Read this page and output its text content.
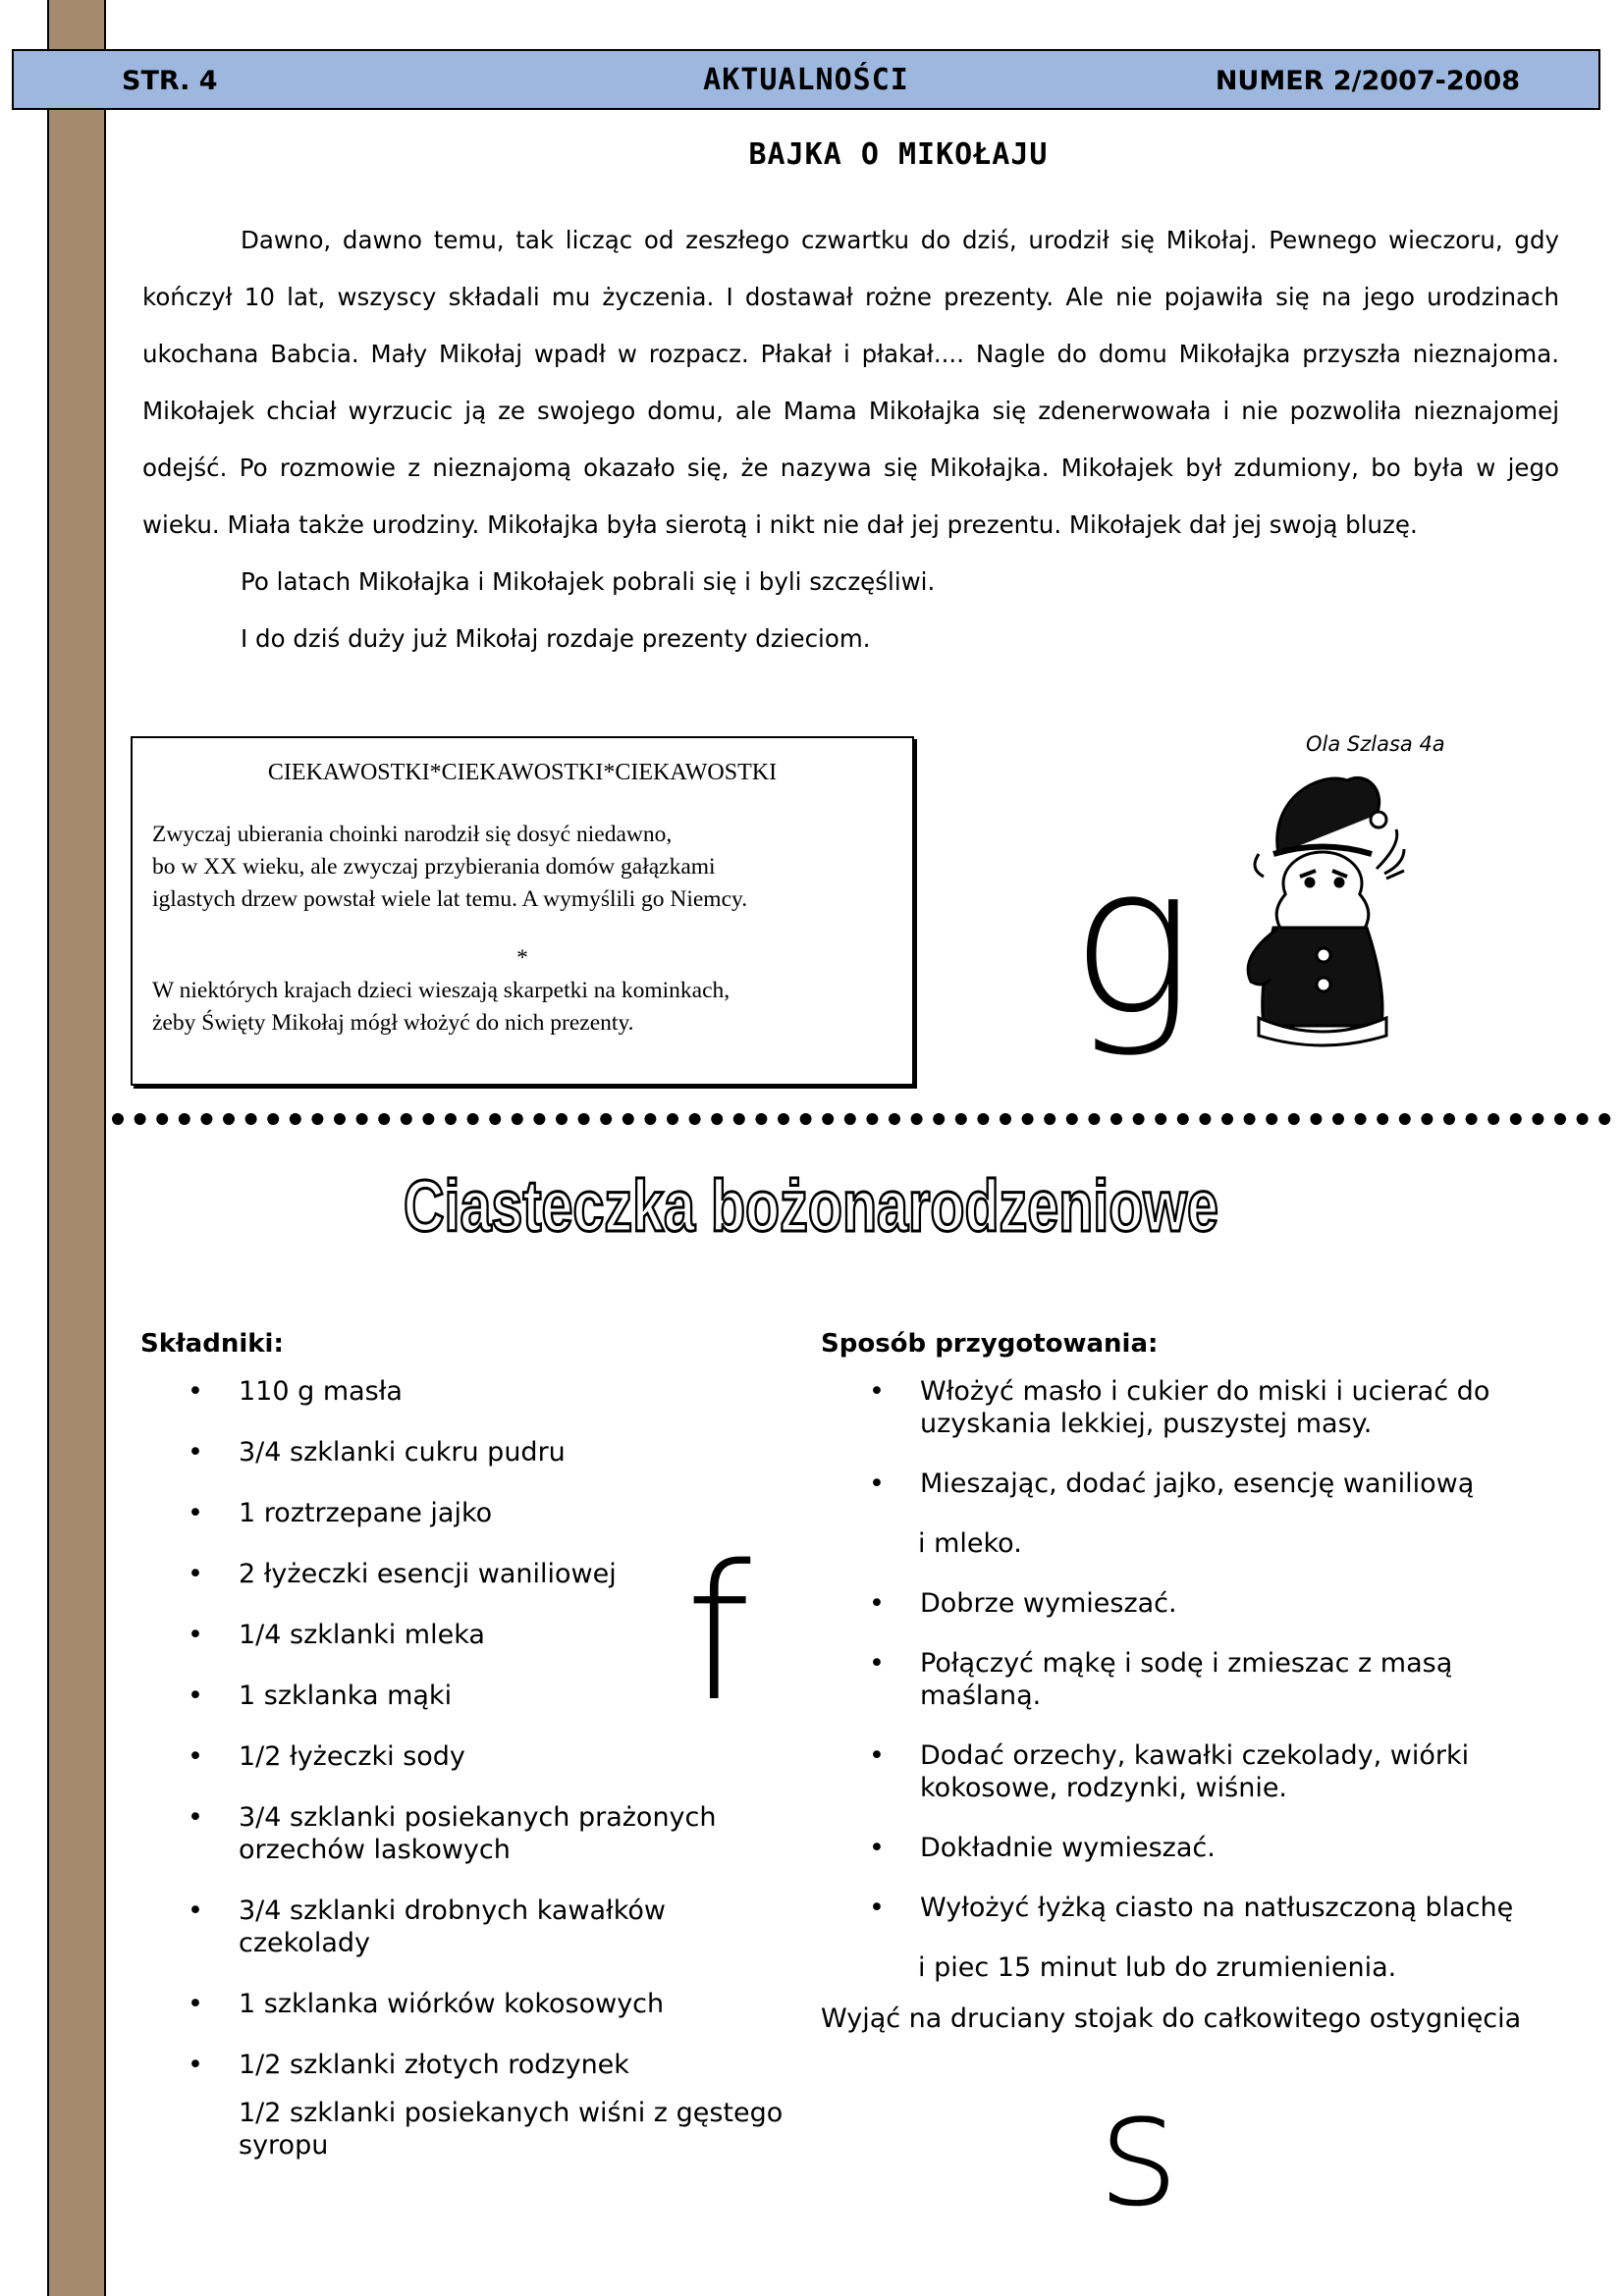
STR. 4	AKTUALNOŚCI	NUMER 2/2007-2008
BAJKA O MIKOŁAJU

Dawno, dawno temu, tak licząc od zeszłego czwartku do dziś, urodził się Mikołaj. Pewnego wieczoru, gdy kończył 10 lat, wszyscy składali mu życzenia. I dostawał rożne prezenty. Ale nie pojawiła się na jego urodzinach ukochana Babcia. Mały Mikołaj wpadł w rozpacz. Płakał i płakał.... Nagle do domu Mikołajka przyszła nieznajoma. Mikołajek chciał wyrzucic ją ze swojego domu, ale Mama Mikołajka się zdenerwowała i nie pozwoliła nieznajomej odejść. Po rozmowie z nieznajomą okazało się, że nazywa się Mikołajka. Mikołajek był zdumiony, bo była w jego wieku. Miała także urodziny. Mikołajka była sierotą i nikt nie dał jej prezentu. Mikołajek dał jej swoją bluzę.

Po latach Mikołajka i Mikołajek pobrali się i byli szczęśliwi.

I do dziś duży już Mikołaj rozdaje prezenty dzieciom.

CIEKAWOSTKI*CIEKAWOSTKI*CIEKAWOSTKI
Zwyczaj ubierania choinki narodził się dosyć niedawno,
bo w XX wieku, ale zwyczaj przybierania domów gałązkami
iglastych drzew powstał wiele lat temu. A wymyślili go Niemcy.
*
W niektórych krajach dzieci wieszają skarpetki na kominkach,
żeby Święty Mikołaj mógł włożyć do nich prezenty.
Ola Szlasa 4a
g
Ciasteczka bożonarodzeniowe
Składniki:	Sposób przygotowania:
• 110 g masła
• 3/4 szklanki cukru pudru
• 1 roztrzepane jajko
• 2 łyżeczki esencji waniliowej
• 1/4 szklanki mleka
• 1 szklanka mąki
• 1/2 łyżeczki sody
• 3/4 szklanki posiekanych prażonych orzechów laskowych
• 3/4 szklanki drobnych kawałków czekolady
• 1 szklanka wiórków kokosowych
• 1/2 szklanki złotych rodzynek
1/2 szklanki posiekanych wiśni z gęstego syropu
f
• Włożyć masło i cukier do miski i ucierać do uzyskania lekkiej, puszystej masy.
• Mieszając, dodać jajko, esencję waniliową
i mleko.
• Dobrze wymieszać.
• Połączyć mąkę i sodę i zmieszac z masą maślaną.
• Dodać orzechy, kawałki czekolady, wiórki kokosowe, rodzynki, wiśnie.
• Dokładnie wymieszać.
• Wyłożyć łyżką ciasto na natłuszczoną blachę
i piec 15 minut lub do zrumienienia.
Wyjąć na druciany stojak do całkowitego ostygnięcia
s
